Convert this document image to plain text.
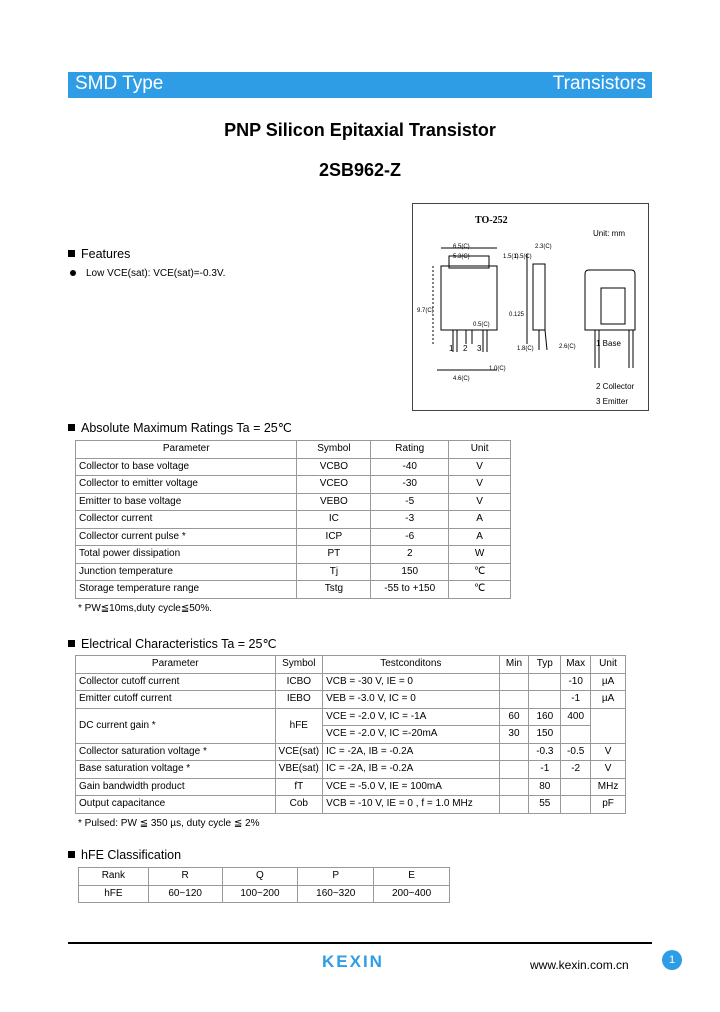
SMD Type	Transistors
PNP Silicon Epitaxial Transistor
2SB962-Z
TO-252
Unit: mm
6.5(C)
5.3(C)	1.5(1)
2.3(C)
0.5(C)
9.7(C)
0.125
0.5(C)
1.0(C)
4.6(C)
1.8(C)	2.6(C)
1 2 3
1 Base
2 Collector
3 Emitter
Features
Low VCE(sat): VCE(sat)=-0.3V.
Absolute Maximum Ratings Ta = 25℃
Parameter	Symbol	Rating	Unit
Collector to base voltage	VCBO	-40	V
Collector to emitter voltage	VCEO	-30	V
Emitter to base voltage	VEBO	-5	V
Collector current	IC	-3	A
Collector current pulse *	ICP	-6	A
Total power dissipation	PT	2	W
Junction temperature	Tj	150	℃
Storage temperature range	Tstg	-55 to +150	℃
* PW≦10ms,duty cycle≦50%.
Electrical Characteristics Ta = 25℃
Parameter	Symbol	Testconditons	Min	Typ	Max	Unit
Collector cutoff current	ICBO	VCB = -30 V, IE = 0			-10	µA
Emitter cutoff current	IEBO	VEB = -3.0 V, IC = 0			-1	µA
DC current gain *	hFE	VCE = -2.0 V, IC = -1A	60	160	400	
		VCE = -2.0 V, IC =-20mA	30	150		
Collector saturation voltage *	VCE(sat)	IC = -2A, IB = -0.2A		-0.3	-0.5	V
Base saturation voltage *	VBE(sat)	IC = -2A, IB = -0.2A		-1	-2	V
Gain bandwidth product	fT	VCE = -5.0 V, IE = 100mA		80		MHz
Output capacitance	Cob	VCB = -10 V, IE = 0 , f = 1.0 MHz		55		pF
* Pulsed: PW ≦ 350 µs, duty cycle ≦ 2%
hFE Classification
Rank	R	Q	P	E
hFE	60~120	100~200	160~320	200~400
KEXIN	www.kexin.com.cn	1
